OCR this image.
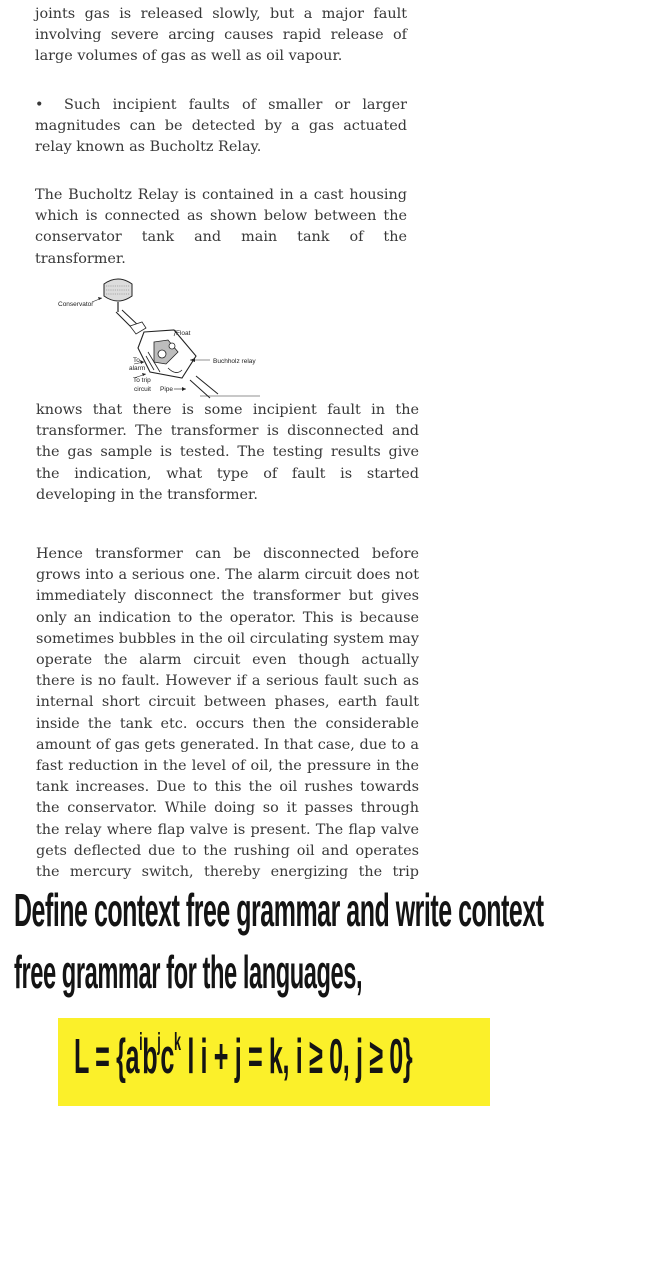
joints gas is released slowly, but a major fault involving severe arcing causes rapid release of large volumes of gas as well as oil vapour.

• Such incipient faults of smaller or larger magnitudes can be detected by a gas actuated relay known as Bucholtz Relay.

The Bucholtz Relay is contained in a cast housing which is connected as shown below between the conservator tank and main tank of the transformer.

Conservator
Float
Buchholz relay
To
alarm
To trip
circuit Pipe

knows that there is some incipient fault in the transformer. The transformer is disconnected and the gas sample is tested. The testing results give the indication, what type of fault is started developing in the transformer.

Hence transformer can be disconnected before grows into a serious one. The alarm circuit does not immediately disconnect the transformer but gives only an indication to the operator. This is because sometimes bubbles in the oil circulating system may operate the alarm circuit even though actually there is no fault. However if a serious fault such as internal short circuit between phases, earth fault inside the tank etc. occurs then the considerable amount of gas gets generated. In that case, due to a fast reduction in the level of oil, the pressure in the tank increases. Due to this the oil rushes towards the conservator. While doing so it passes through the relay where flap valve is present. The flap valve gets deflected due to the rushing oil and operates the mercury switch, thereby energizing the trip

Define context free grammar and write context
free grammar for the languages,
$L = \{a^ib^jc^k$ l i + j = k, i ≥ 0, j ≥ 0}
